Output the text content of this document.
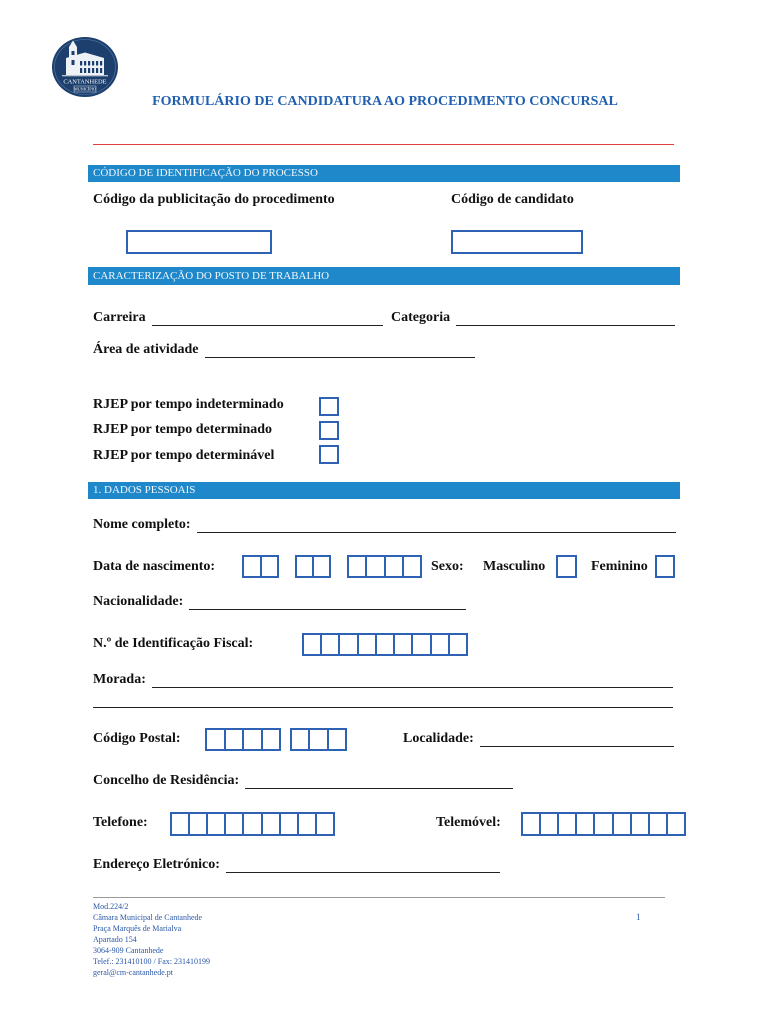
CANTANHEDE
MUNICÍPIO
FORMULÁRIO DE CANDIDATURA AO PROCEDIMENTO CONCURSAL
CÓDIGO DE IDENTIFICAÇÃO DO PROCESSO
Código da publicitação do procedimento	Código de candidato
CARACTERIZAÇÃO DO POSTO DE TRABALHO
Carreira	Categoria
Área de atividade
RJEP por tempo indeterminado
RJEP por tempo determinado
RJEP por tempo determinável
1. DADOS PESSOAIS
Nome completo:
Data de nascimento:	Sexo: Masculino	Feminino
Nacionalidade:
N.º de Identificação Fiscal:
Morada:
Código Postal:	Localidade:
Concelho de Residência:
Telefone:	Telemóvel:
Endereço Eletrónico:
Mod.224/2
Câmara Municipal de Cantanhede
Praça Marquês de Marialva
Apartado 154
3064-909 Cantanhede
Telef.: 231410100 / Fax: 231410199
geral@cm-cantanhede.pt
1
